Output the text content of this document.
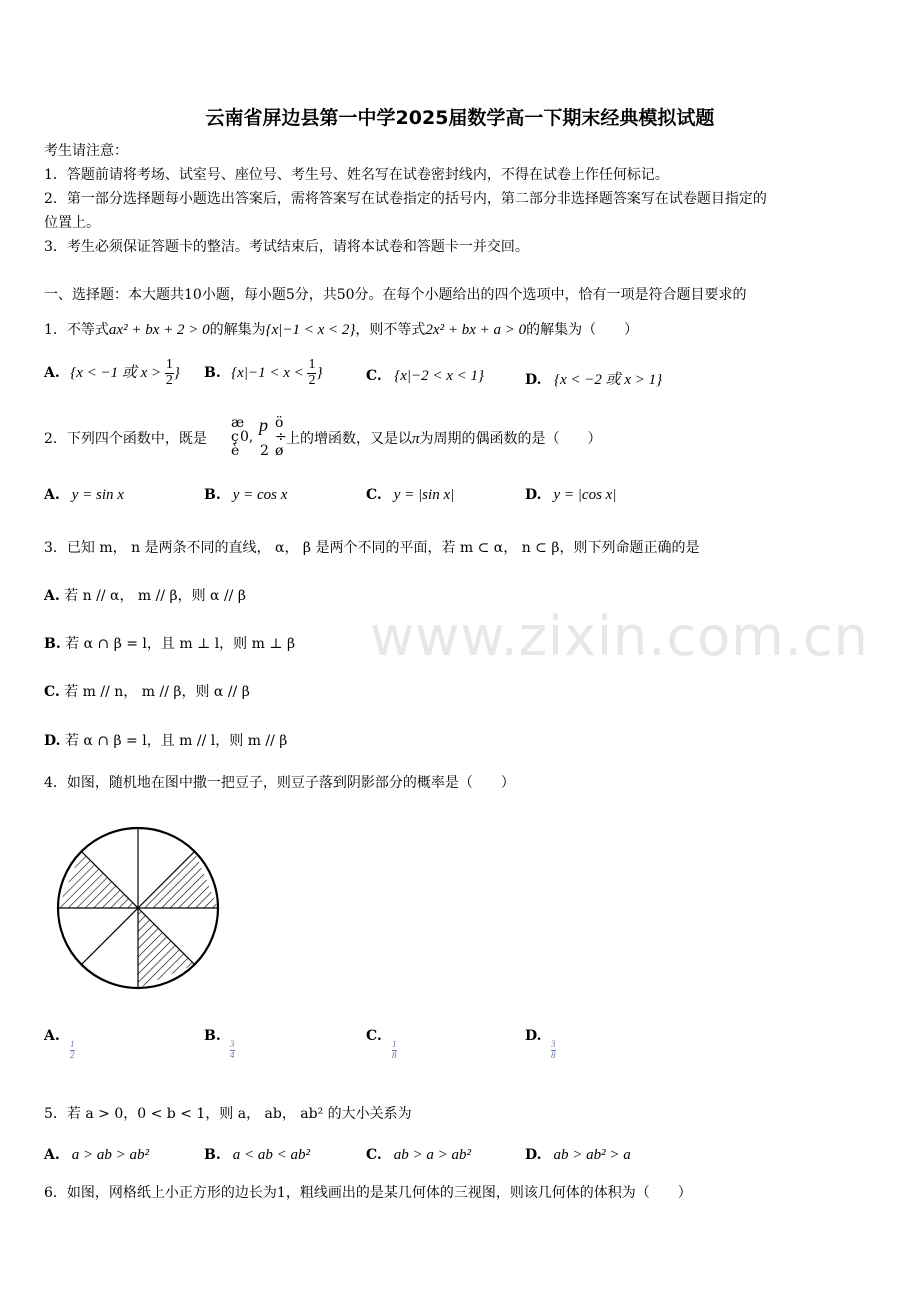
云南省屏边县第一中学2025届数学高一下期末经典模拟试题
考生请注意：
1．答题前请将考场、试室号、座位号、考生号、姓名写在试卷密封线内，不得在试卷上作任何标记。
2．第一部分选择题每小题选出答案后，需将答案写在试卷指定的括号内，第二部分非选择题答案写在试卷题目指定的
位置上。
3．考生必须保证答题卡的整洁。考试结束后，请将本试卷和答题卡一并交回。
一、选择题：本大题共10小题，每小题5分，共50分。在每个小题给出的四个选项中，恰有一项是符合题目要求的
1．不等式ax² + bx + 2 > 0的解集为{x|−1 < x < 2}，则不等式2x² + bx + a > 0的解集为（　　）
A. {x < −1 或 $x > \frac{1}{2}$ } B. {$x|-1 < x < \frac{1}{2}$ }	C. {x|−2 < x < 1}	D. {x < −2 或 x > 1}
2．下列四个函数中，既是
æ
ç
è
0,
p
2
ö
÷
ø
上的增函数，又是以π为周期的偶函数的是（　　）
A. y = sin x	B. y = cos x	C. y = |sin x|	D. y = |cos x|
3．已知 m， n 是两条不同的直线， α， β 是两个不同的平面，若 m ⊂ α， n ⊂ β，则下列命题正确的是
A. 若 n // α， m // β，则 α // β
B. 若 α ∩ β = l，且 m ⊥ l，则 m ⊥ β
C. 若 m // n， m // β，则 α // β
D. 若 α ∩ β = l，且 m // l，则 m // β
www.zixin.com.cn
4．如图，随机地在图中撒一把豆子，则豆子落到阴影部分的概率是（　　）
A. 1
2
B. 3
4
C. 1
8
D. 3
8
5．若 a > 0，0 < b < 1，则 a， ab， ab² 的大小关系为
A. a > ab > ab²	B. a < ab < ab²	C. ab > a > ab²	D. ab > ab² > a
6．如图，网格纸上小正方形的边长为1，粗线画出的是某几何体的三视图，则该几何体的体积为（　　）
